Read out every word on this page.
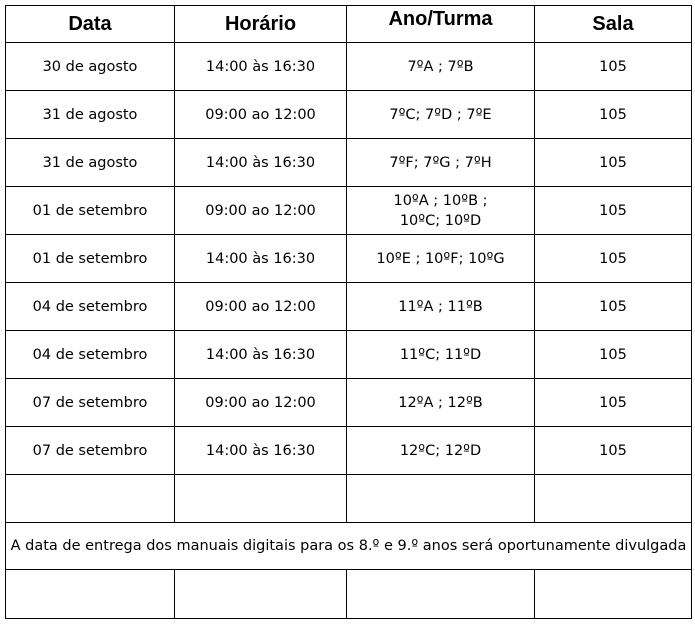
Data	Horário	Ano/Turma	Sala
30 de agosto	14:00 às 16:30	7ºA ; 7ºB	105
31 de agosto	09:00 ao 12:00	7ºC; 7ºD ; 7ºE	105
31 de agosto	14:00 às 16:30	7ºF; 7ºG ; 7ºH	105
01 de setembro	09:00 ao 12:00	10ºA ; 10ºB ; 10ºC; 10ºD	105
01 de setembro	14:00 às 16:30	10ºE ; 10ºF; 10ºG	105
04 de setembro	09:00 ao 12:00	11ºA ; 11ºB	105
04 de setembro	14:00 às 16:30	11ºC; 11ºD	105
07 de setembro	09:00 ao 12:00	12ºA ; 12ºB	105
07 de setembro	14:00 às 16:30	12ºC; 12ºD	105

A data de entrega dos manuais digitais para os 8.º e 9.º anos será oportunamente divulgada			
